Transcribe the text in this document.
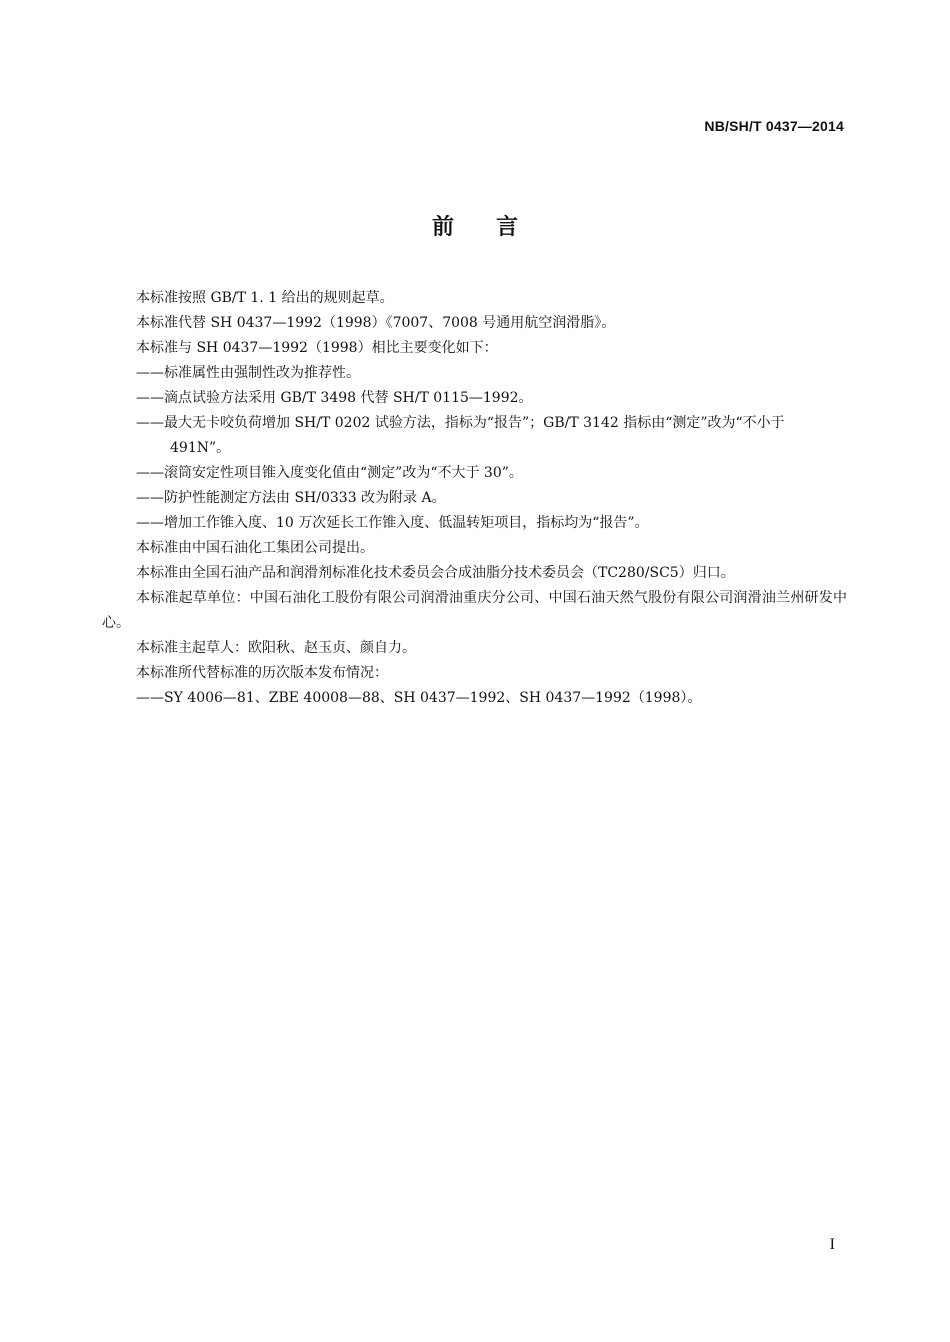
NB/SH/T 0437—2014
前言

本标准按照 GB/T 1. 1 给出的规则起草。

本标准代替 SH 0437—1992（1998）《7007、7008 号通用航空润滑脂》。

本标准与 SH 0437—1992（1998）相比主要变化如下：

——标准属性由强制性改为推荐性。

——滴点试验方法采用 GB/T 3498 代替 SH/T 0115—1992。

——最大无卡咬负荷增加 SH/T 0202 试验方法，指标为“报告”；GB/T 3142 指标由“测定”改为“不小于 491N”。

——滚筒安定性项目锥入度变化值由“测定”改为“不大于 30”。

——防护性能测定方法由 SH/0333 改为附录 A。

——增加工作锥入度、10 万次延长工作锥入度、低温转矩项目，指标均为“报告”。

本标准由中国石油化工集团公司提出。

本标准由全国石油产品和润滑剂标准化技术委员会合成油脂分技术委员会（TC280/SC5）归口。

本标准起草单位：中国石油化工股份有限公司润滑油重庆分公司、中国石油天然气股份有限公司润滑油兰州研发中心。

本标准主起草人：欧阳秋、赵玉贞、颜自力。

本标准所代替标准的历次版本发布情况：

——SY 4006—81、ZBE 40008—88、SH 0437—1992、SH 0437—1992（1998）。

I
